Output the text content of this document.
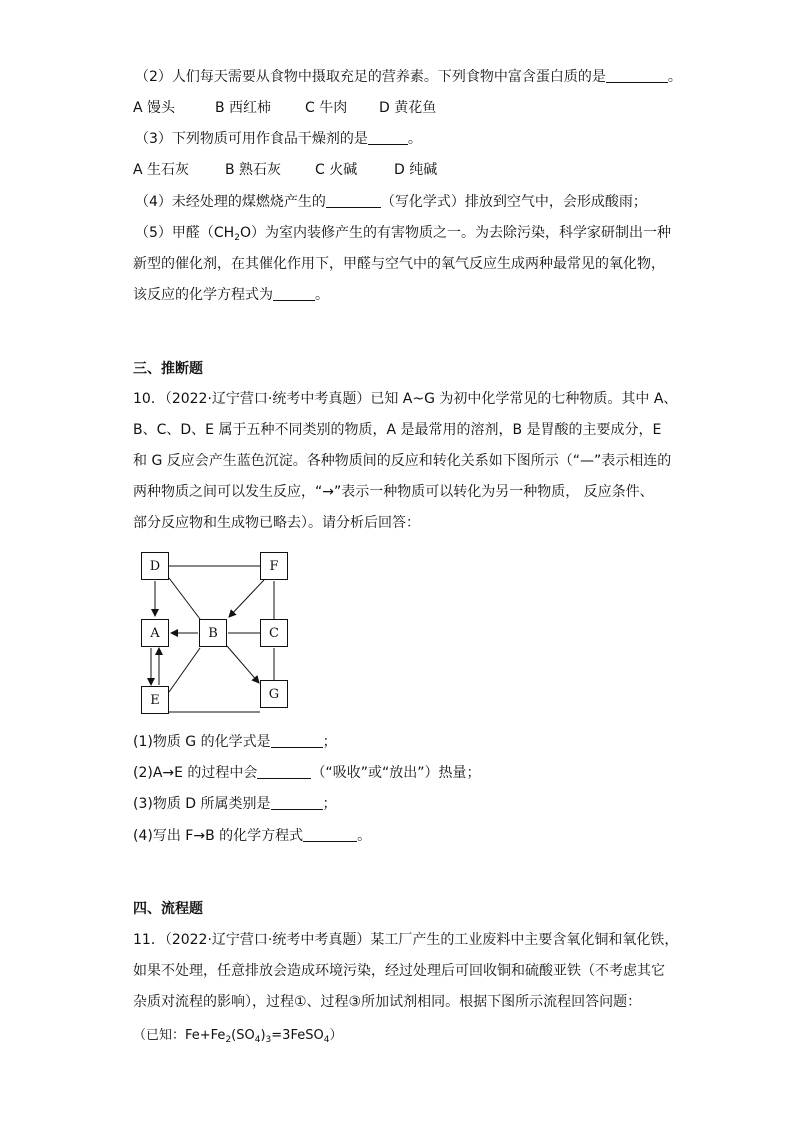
（2）人们每天需要从食物中摄取充足的营养素。下列食物中富含蛋白质的是	。
A 馒头	B 西红柿 C 牛肉 D 黄花鱼
（3）下列物质可用作食品干燥剂的是	。
A 生石灰	B 熟石灰 C 火碱	D 纯碱
（4）未经处理的煤燃烧产生的	（写化学式）排放到空气中，会形成酸雨；
（5）甲醛$(CH_2O)$为室内装修产生的有害物质之一。为去除污染，科学家研制出一种
新型的催化剂，在其催化作用下，甲醛与空气中的氧气反应生成两种最常见的氧化物，
该反应的化学方程式为	。
三、推断题
10．（2022·辽宁营口·统考中考真题）已知 A~G 为初中化学常见的七种物质。其中 A、
B、C、D、E 属于五种不同类别的物质，A 是最常用的溶剂，B 是胃酸的主要成分，E
和 G 反应会产生蓝色沉淀。各种物质间的反应和转化关系如下图所示（“—”表示相连的
两种物质之间可以发生反应，“→”表示一种物质可以转化为另一种物质， 反应条件、
部分反应物和生成物已略去）。请分析后回答：
D	F
A	B	C
E	G
(1)物质 G 的化学式是	；
(2)A→E 的过程中会	（“吸收”或“放出”）热量；
(3)物质 D 所属类别是	；
(4)写出 F→B 的化学方程式	。
四、流程题
11．（2022·辽宁营口·统考中考真题）某工厂产生的工业废料中主要含氧化铜和氧化铁，
如果不处理，任意排放会造成环境污染，经过处理后可回收铜和硫酸亚铁（不考虑其它
杂质对流程的影响），过程①、过程③所加试剂相同。根据下图所示流程回答问题：
（已知：$Fe+Fe_2(SO_4)_3=3FeSO_4$）
